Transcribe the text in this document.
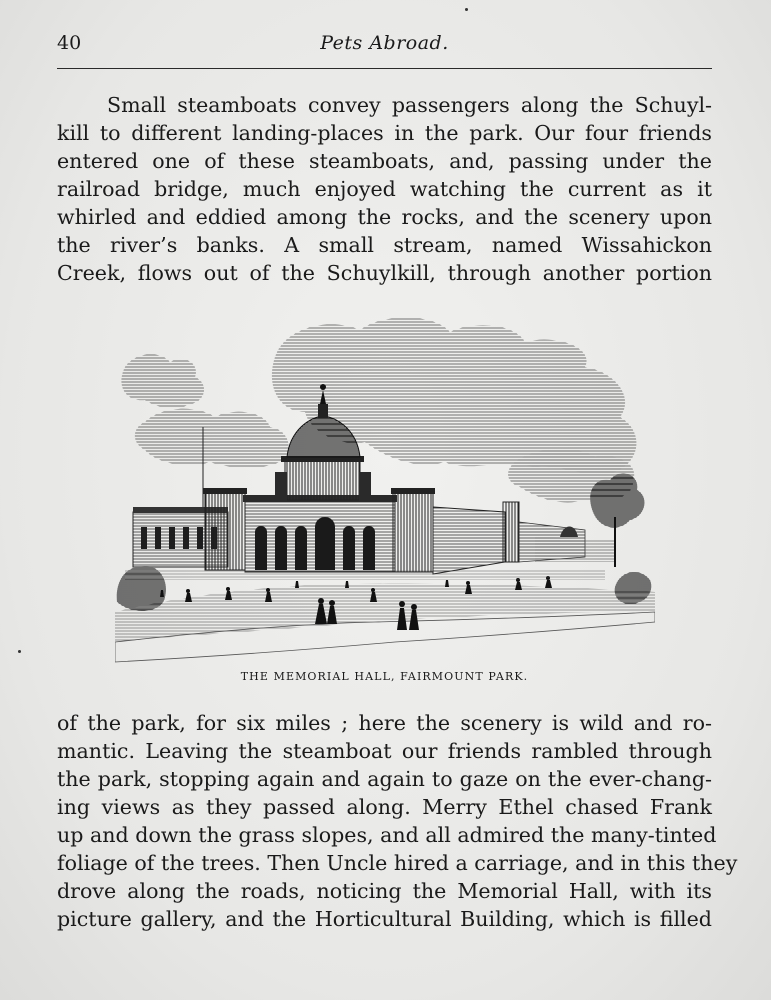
40	Pets Abroad.

Small steamboats convey passengers along the Schuyl-
kill to different landing-places in the park. Our four friends
entered one of these steamboats, and, passing under the
railroad bridge, much enjoyed watching the current as it
whirled and eddied among the rocks, and the scenery upon
the river’s banks. A small stream, named Wissahickon
Creek, flows out of the Schuylkill, through another portion

THE MEMORIAL HALL, FAIRMOUNT PARK.

of the park, for six miles ; here the scenery is wild and ro-
mantic. Leaving the steamboat our friends rambled through
the park, stopping again and again to gaze on the ever-chang-
ing views as they passed along. Merry Ethel chased Frank
up and down the grass slopes, and all admired the many-tinted
foliage of the trees. Then Uncle hired a carriage, and in this they
drove along the roads, noticing the Memorial Hall, with its
picture gallery, and the Horticultural Building, which is filled
